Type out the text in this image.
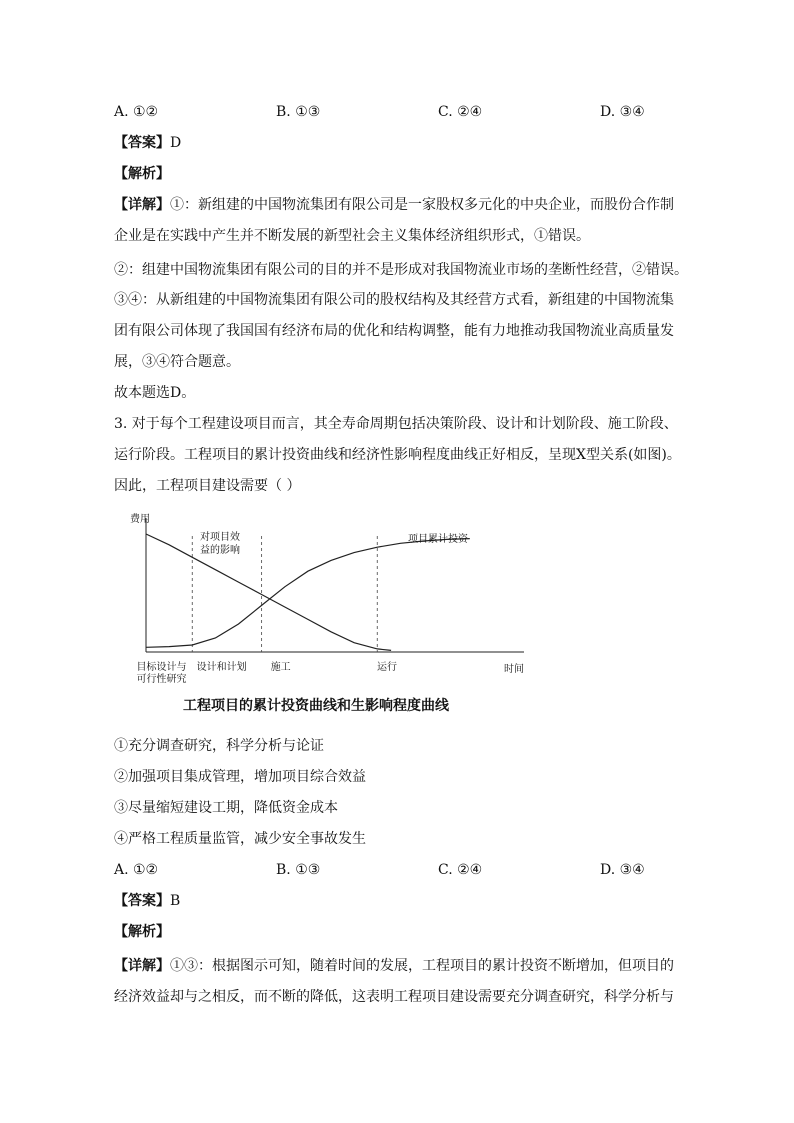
A. ①②	B. ①③	C. ②④	D. ③④
【答案】D
【解析】
【详解】①：新组建的中国物流集团有限公司是一家股权多元化的中央企业，而股份合作制
企业是在实践中产生并不断发展的新型社会主义集体经济组织形式，①错误。
②：组建中国物流集团有限公司的目的并不是形成对我国物流业市场的垄断性经营，②错误。
③④：从新组建的中国物流集团有限公司的股权结构及其经营方式看，新组建的中国物流集
团有限公司体现了我国国有经济布局的优化和结构调整，能有力地推动我国物流业高质量发
展，③④符合题意。
故本题选D。
3. 对于每个工程建设项目而言，其全寿命周期包括决策阶段、设计和计划阶段、施工阶段、
运行阶段。工程项目的累计投资曲线和经济性影响程度曲线正好相反，呈现X型关系(如图)。
因此，工程项目建设需要（ ）
费用
时间
目标设计与
可行性研究
设计和计划 施工	运行
项目累计投资
对项目效
益的影响
工程项目的累计投资曲线和生影响程度曲线
①充分调查研究，科学分析与论证
②加强项目集成管理，增加项目综合效益
③尽量缩短建设工期，降低资金成本
④严格工程质量监管，减少安全事故发生
A. ①②	B. ①③	C. ②④	D. ③④
【答案】B
【解析】
【详解】①③：根据图示可知，随着时间的发展，工程项目的累计投资不断增加，但项目的
经济效益却与之相反，而不断的降低，这表明工程项目建设需要充分调查研究，科学分析与
